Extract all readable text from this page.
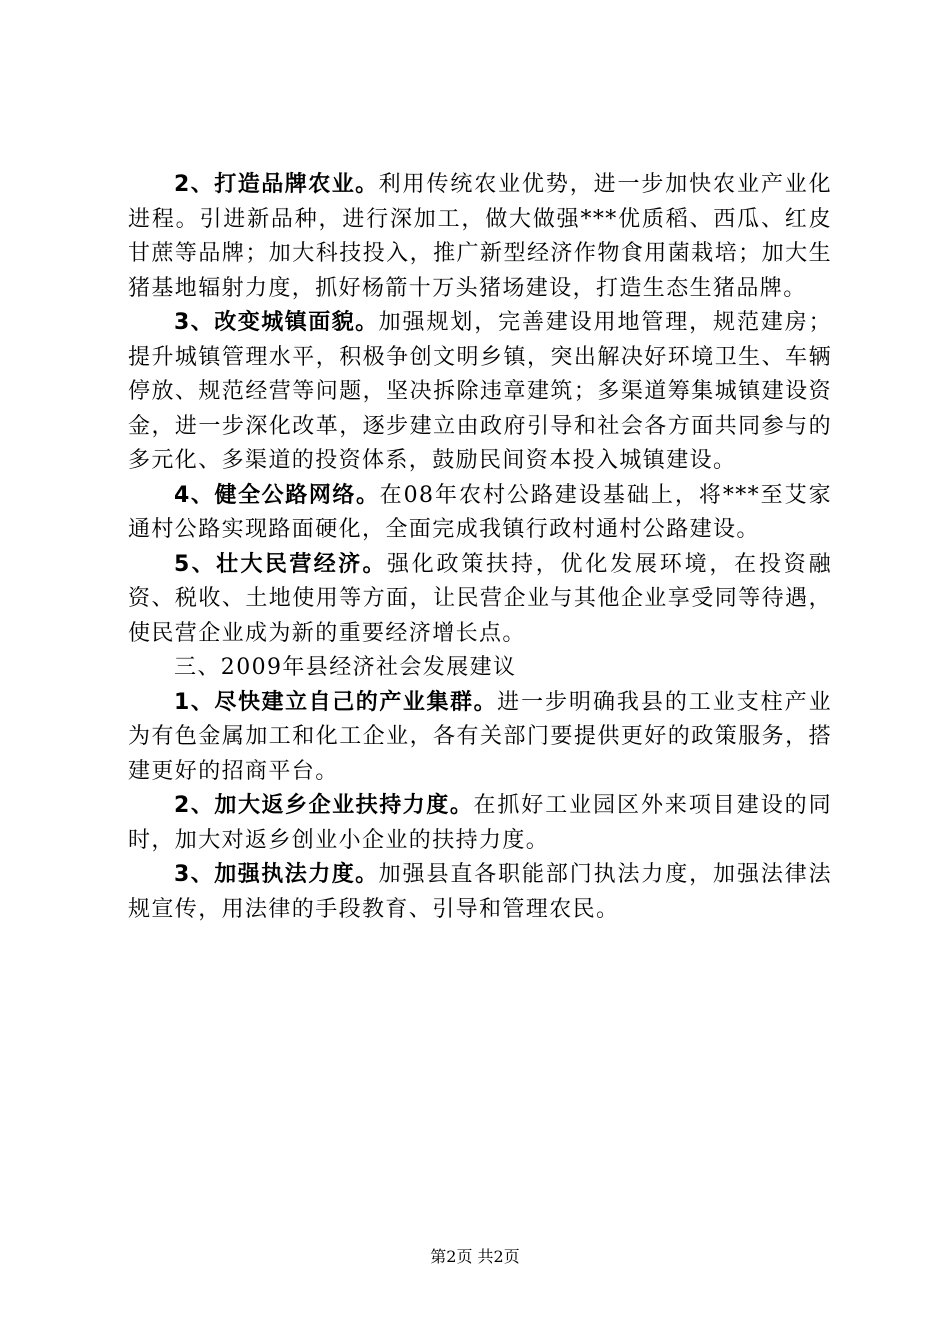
2、打造品牌农业。利用传统农业优势，进一步加快农业产业化进程。引进新品种，进行深加工，做大做强***优质稻、西瓜、红皮甘蔗等品牌；加大科技投入，推广新型经济作物食用菌栽培；加大生猪基地辐射力度，抓好杨箭十万头猪场建设，打造生态生猪品牌。

3、改变城镇面貌。加强规划，完善建设用地管理，规范建房；提升城镇管理水平，积极争创文明乡镇，突出解决好环境卫生、车辆停放、规范经营等问题，坚决拆除违章建筑；多渠道筹集城镇建设资金，进一步深化改革，逐步建立由政府引导和社会各方面共同参与的多元化、多渠道的投资体系，鼓励民间资本投入城镇建设。

4、健全公路网络。在08年农村公路建设基础上，将***至艾家通村公路实现路面硬化，全面完成我镇行政村通村公路建设。

5、壮大民营经济。强化政策扶持，优化发展环境，在投资融资、税收、土地使用等方面，让民营企业与其他企业享受同等待遇，使民营企业成为新的重要经济增长点。

三、2009年县经济社会发展建议

1、尽快建立自己的产业集群。进一步明确我县的工业支柱产业为有色金属加工和化工企业，各有关部门要提供更好的政策服务，搭建更好的招商平台。

2、加大返乡企业扶持力度。在抓好工业园区外来项目建设的同时，加大对返乡创业小企业的扶持力度。

3、加强执法力度。加强县直各职能部门执法力度，加强法律法规宣传，用法律的手段教育、引导和管理农民。

第2页 共2页
